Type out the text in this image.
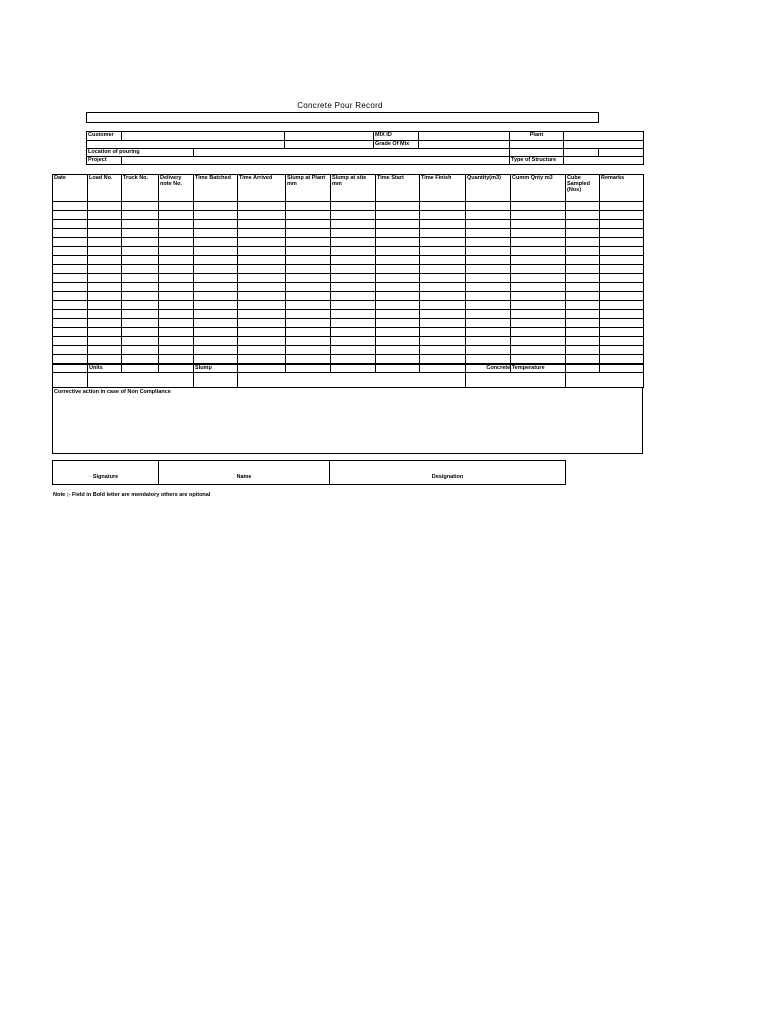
Concrete Pour Record
Customer				MIX ID		Plant		
				Grade Of Mix				
Location of pouring								
Project						Type of Structure		
Date	Load No.	Truck No.	Delivery note No.	Time Batched	Time Arrived	Slump at Plant mm	Slump at site mm	Time Start	Time Finish	Quantity(m3)	Cumm Qnty m3	Cube Sampled (Nos)	Remarks

	Units	Slump		Concrete Temperature	
Corrective action in case of Non Compliance
Signature	Name	Designation
Note ;- Field in Bold letter are mendatory others are optional
